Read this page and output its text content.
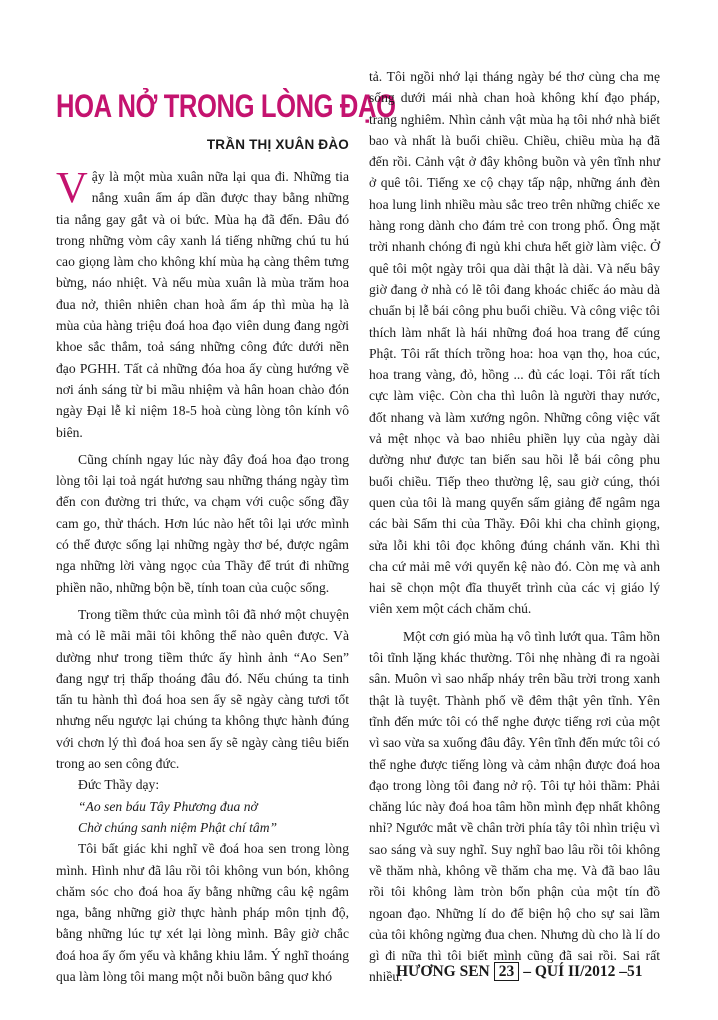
HOA NỞ TRONG LÒNG ĐẠO
TRẦN THỊ XUÂN ĐÀO

Vậy là một mùa xuân nữa lại qua đi. Những tia nắng xuân ấm áp dần được thay bằng những tia nắng gay gắt và oi bức. Mùa hạ đã đến. Đâu đó trong những vòm cây xanh lá tiếng những chú tu hú cao giọng làm cho không khí mùa hạ càng thêm tưng bừng, náo nhiệt. Và nếu mùa xuân là mùa trăm hoa đua nở, thiên nhiên chan hoà ấm áp thì mùa hạ là mùa của hàng triệu đoá hoa đạo viên dung đang ngời khoe sắc thắm, toả sáng những công đức dưới nền đạo PGHH. Tất cả những đóa hoa ấy cùng hướng về nơi ánh sáng từ bi mầu nhiệm và hân hoan chào đón ngày Đại lễ kỉ niệm 18-5 hoà cùng lòng tôn kính vô biên.

Cũng chính ngay lúc này đây đoá hoa đạo trong lòng tôi lại toả ngát hương sau những tháng ngày tìm đến con đường tri thức, va chạm với cuộc sống đầy cam go, thử thách. Hơn lúc nào hết tôi lại ước mình có thể được sống lại những ngày thơ bé, được ngâm nga những lời vàng ngọc của Thầy để trút đi những phiền não, những bộn bề, tính toan của cuộc sống.

Trong tiềm thức của mình tôi đã nhớ một chuyện mà có lẽ mãi mãi tôi không thể nào quên được. Và dường như trong tiềm thức ấy hình ảnh “Ao Sen” đang ngự trị thấp thoáng đâu đó. Nếu chúng ta tinh tấn tu hành thì đoá hoa sen ấy sẽ ngày càng tươi tốt nhưng nếu ngược lại chúng ta không thực hành đúng với chơn lý thì đoá hoa sen ấy sẽ ngày càng tiêu biến trong ao sen công đức.

Đức Thầy dạy:

“Ao sen báu Tây Phương đua nở

Chờ chúng sanh niệm Phật chí tâm”

Tôi bất giác khi nghĩ về đoá hoa sen trong lòng mình. Hình như đã lâu rồi tôi không vun bón, không chăm sóc cho đoá hoa ấy bằng những câu kệ ngâm nga, bằng những giờ thực hành pháp môn tịnh độ, bằng những lúc tự xét lại lòng mình. Bây giờ chắc đoá hoa ấy ốm yếu và khẳng khiu lắm. Ý nghĩ thoáng qua làm lòng tôi mang một nỗi buồn bâng quơ khó

tả. Tôi ngồi nhớ lại tháng ngày bé thơ cùng cha mẹ sống dưới mái nhà chan hoà không khí đạo pháp, trang nghiêm. Nhìn cảnh vật mùa hạ tôi nhớ nhà biết bao và nhất là buổi chiều. Chiều, chiều mùa hạ đã đến rồi. Cảnh vật ở đây không buồn và yên tĩnh như ở quê tôi. Tiếng xe cộ chạy tấp nập, những ánh đèn hoa lung linh nhiều màu sắc treo trên những chiếc xe hàng rong dành cho đám trẻ con trong phố. Ông mặt trời nhanh chóng đi ngủ khi chưa hết giờ làm việc. Ở quê tôi một ngày trôi qua dài thật là dài. Và nếu bây giờ đang ở nhà có lẽ tôi đang khoác chiếc áo màu dà chuẩn bị lễ bái công phu buổi chiều. Và công việc tôi thích làm nhất là hái những đoá hoa trang để cúng Phật. Tôi rất thích trồng hoa: hoa vạn thọ, hoa cúc, hoa trang vàng, đỏ, hồng ... đủ các loại. Tôi rất tích cực làm việc. Còn cha thì luôn là người thay nước, đốt nhang và làm xướng ngôn. Những công việc vất vả mệt nhọc và bao nhiêu phiền lụy của ngày dài dường như được tan biến sau hồi lễ bái công phu buổi chiều. Tiếp theo thường lệ, sau giờ cúng, thói quen của tôi là mang quyển sấm giảng để ngâm nga các bài Sấm thi của Thầy. Đôi khi cha chỉnh giọng, sửa lỗi khi tôi đọc không đúng chánh văn. Khi thì cha cứ mải mê với quyển kệ nào đó. Còn mẹ và anh hai sẽ chọn một đĩa thuyết trình của các vị giáo lý viên xem một cách chăm chú.

Một cơn gió mùa hạ vô tình lướt qua. Tâm hồn tôi tĩnh lặng khác thường. Tôi nhẹ nhàng đi ra ngoài sân. Muôn vì sao nhấp nháy trên bầu trời trong xanh thật là tuyệt. Thành phố về đêm thật yên tĩnh. Yên tĩnh đến mức tôi có thể nghe được tiếng rơi của một vì sao vừa sa xuống đâu đây. Yên tĩnh đến mức tôi có thể nghe được tiếng lòng và cảm nhận được đoá hoa đạo trong lòng tôi đang nở rộ. Tôi tự hỏi thầm: Phải chăng lúc này đoá hoa tâm hồn mình đẹp nhất không nhỉ? Ngước mắt về chân trời phía tây tôi nhìn triệu vì sao sáng và suy nghĩ. Suy nghĩ bao lâu rồi tôi không về thăm nhà, không về thăm cha mẹ. Và đã bao lâu rồi tôi không làm tròn bổn phận của một tín đồ ngoan đạo. Những lí do để biện hộ cho sự sai lầm của tôi không ngừng đua chen. Nhưng dù cho là lí do gì đi nữa thì tôi biết mình cũng đã sai rồi. Sai rất nhiều.

HƯƠNG SEN 23 – QUÍ II/2012 –51
